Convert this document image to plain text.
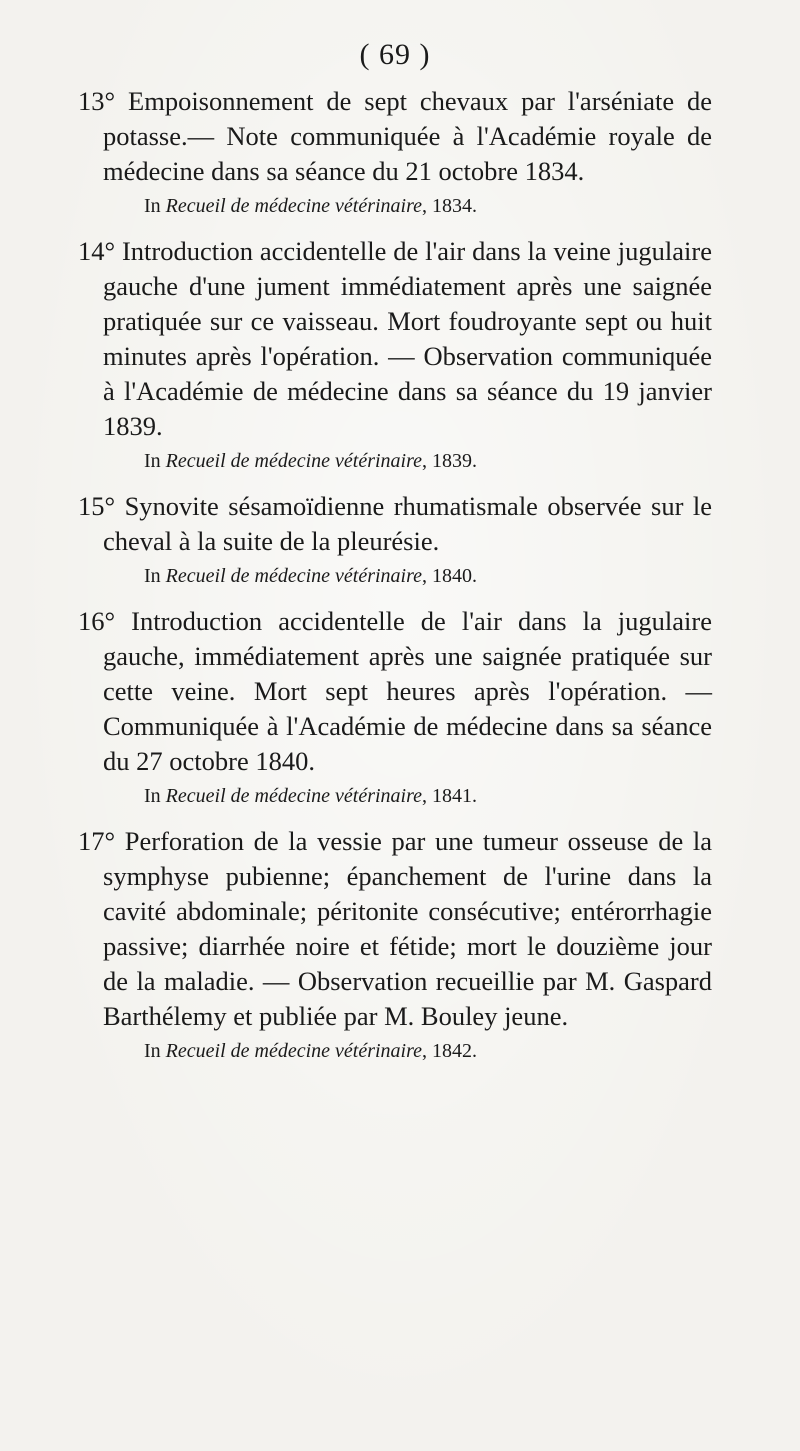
( 69 )

13° Empoisonnement de sept chevaux par l'arséniate de potasse.— Note communiquée à l'Académie royale de médecine dans sa séance du 21 octobre 1834.

In Recueil de médecine vétérinaire, 1834.

14° Introduction accidentelle de l'air dans la veine jugulaire gauche d'une jument immédiatement après une saignée pratiquée sur ce vaisseau. Mort foudroyante sept ou huit minutes après l'opération. — Observation communiquée à l'Académie de médecine dans sa séance du 19 janvier 1839.

In Recueil de médecine vétérinaire, 1839.

15° Synovite sésamoïdienne rhumatismale observée sur le cheval à la suite de la pleurésie.

In Recueil de médecine vétérinaire, 1840.

16° Introduction accidentelle de l'air dans la jugulaire gauche, immédiatement après une saignée pratiquée sur cette veine. Mort sept heures après l'opération. — Communiquée à l'Académie de médecine dans sa séance du 27 octobre 1840.

In Recueil de médecine vétérinaire, 1841.

17° Perforation de la vessie par une tumeur osseuse de la symphyse pubienne; épanchement de l'urine dans la cavité abdominale; péritonite consécutive; entérorrhagie passive; diarrhée noire et fétide; mort le douzième jour de la maladie. — Observation recueillie par M. Gaspard Barthélemy et publiée par M. Bouley jeune.

In Recueil de médecine vétérinaire, 1842.
